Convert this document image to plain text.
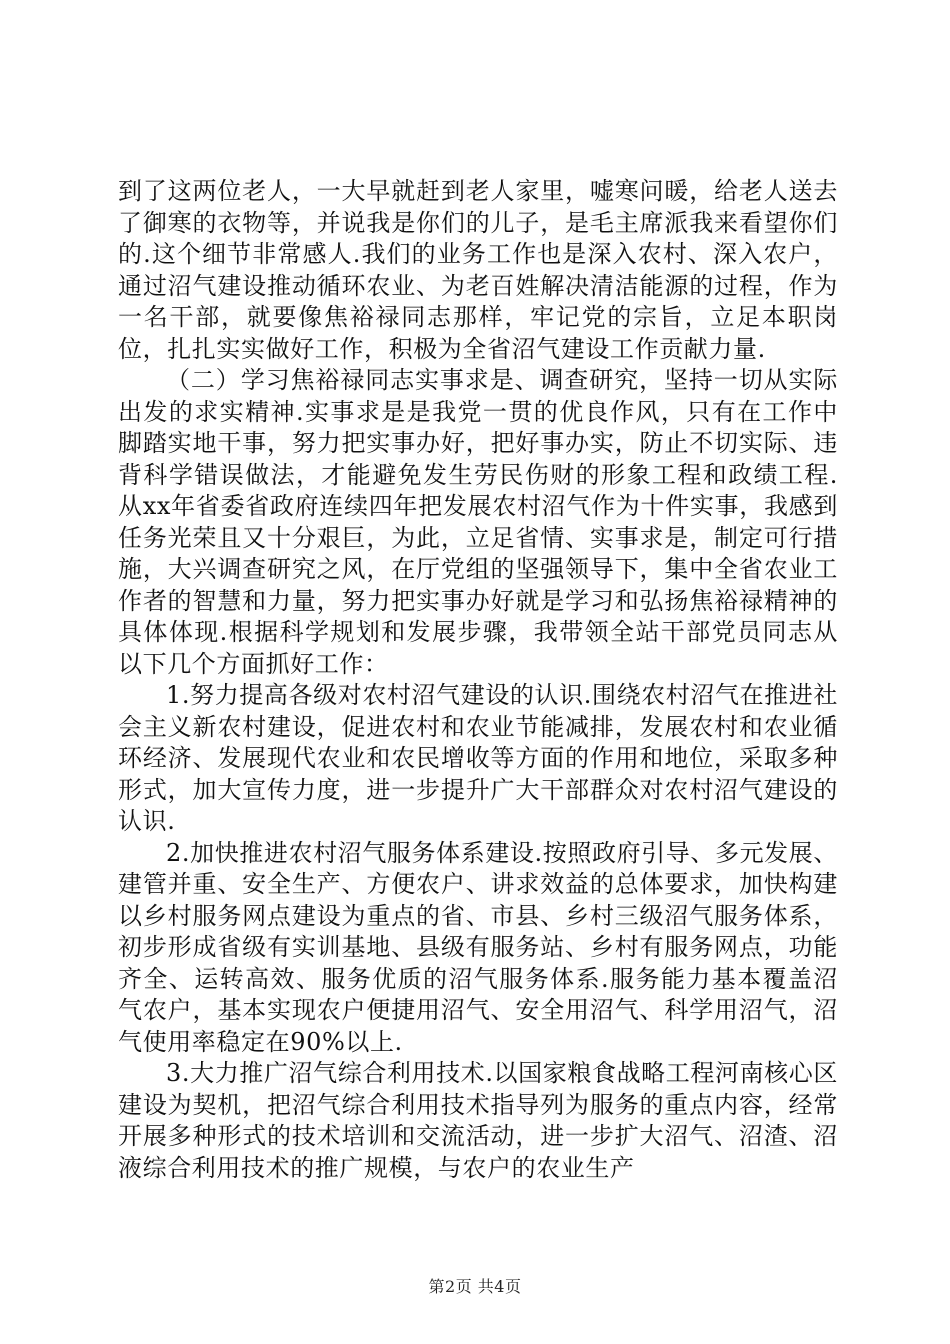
到了这两位老人，一大早就赶到老人家里，嘘寒问暖，给老人送去了御寒的衣物等，并说我是你们的儿子，是毛主席派我来看望你们的.这个细节非常感人.我们的业务工作也是深入农村、深入农户，通过沼气建设推动循环农业、为老百姓解决清洁能源的过程，作为一名干部，就要像焦裕禄同志那样，牢记党的宗旨，立足本职岗位，扎扎实实做好工作，积极为全省沼气建设工作贡献力量.

（二）学习焦裕禄同志实事求是、调查研究，坚持一切从实际出发的求实精神.实事求是是我党一贯的优良作风，只有在工作中脚踏实地干事，努力把实事办好，把好事办实，防止不切实际、违背科学错误做法，才能避免发生劳民伤财的形象工程和政绩工程.从xx年省委省政府连续四年把发展农村沼气作为十件实事，我感到任务光荣且又十分艰巨，为此，立足省情、实事求是，制定可行措施，大兴调查研究之风，在厅党组的坚强领导下，集中全省农业工作者的智慧和力量，努力把实事办好就是学习和弘扬焦裕禄精神的具体体现.根据科学规划和发展步骤，我带领全站干部党员同志从以下几个方面抓好工作：

1.努力提高各级对农村沼气建设的认识.围绕农村沼气在推进社会主义新农村建设，促进农村和农业节能减排，发展农村和农业循环经济、发展现代农业和农民增收等方面的作用和地位，采取多种形式，加大宣传力度，进一步提升广大干部群众对农村沼气建设的认识.

2.加快推进农村沼气服务体系建设.按照政府引导、多元发展、建管并重、安全生产、方便农户、讲求效益的总体要求，加快构建以乡村服务网点建设为重点的省、市县、乡村三级沼气服务体系，初步形成省级有实训基地、县级有服务站、乡村有服务网点，功能齐全、运转高效、服务优质的沼气服务体系.服务能力基本覆盖沼气农户，基本实现农户便捷用沼气、安全用沼气、科学用沼气，沼气使用率稳定在90%以上.

3.大力推广沼气综合利用技术.以国家粮食战略工程河南核心区建设为契机，把沼气综合利用技术指导列为服务的重点内容，经常开展多种形式的技术培训和交流活动，进一步扩大沼气、沼渣、沼液综合利用技术的推广规模，与农户的农业生产

第2页 共4页
